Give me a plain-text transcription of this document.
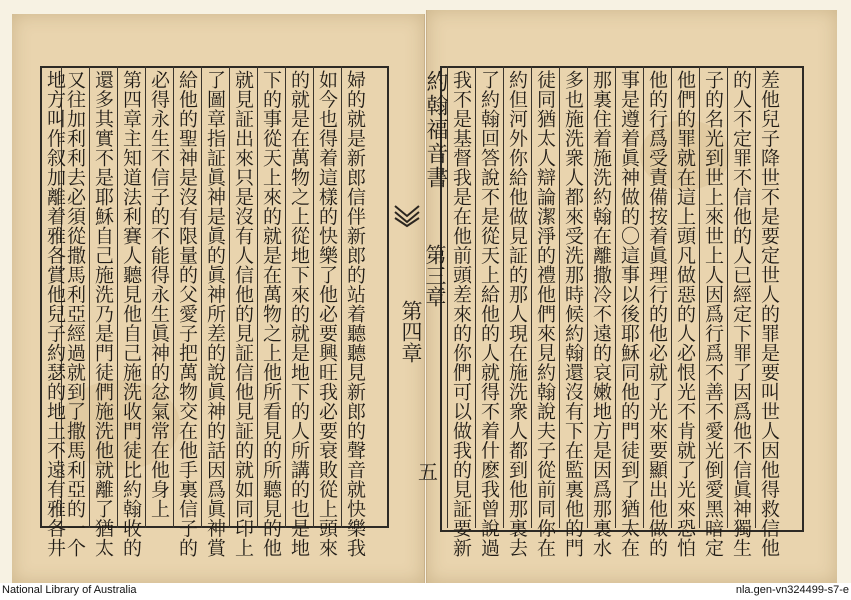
差他兒子降世不是要定世人的罪是要叫世人因他得救信他
的人不定罪不信他的人已經定下罪了因爲他不信眞神獨生
子的名光到世上來世上人因爲行爲不善不愛光倒愛黑暗定
他們的罪就在這上頭凡做惡的人必恨光不肯就了光來恐怕
他的行爲受責備按着眞理行的他必就了光來要顯出他做的
事是遵着眞神做的〇這事以後耶穌同他的門徒到了猶太在
那裏住着施洗約翰在離撒冷不遠的哀嫩地方是因爲那裏水
多也施洗衆人都來受洗那時候約翰還沒有下在監裏他的門
徒同猶太人辯論潔淨的禮他們來見約翰說夫子從前同你在
約但河外你給他做見証的那人現在施洗衆人都到他那裏去
了約翰回答說不是從天上給他的人就得不着什麽我曾說過
我不是基督我是在他前頭差來的你們可以做我的見証要新
婦的就是新郎信伴新郎的站着聽聽見新郎的聲音就快樂我
如今也得着這樣的快樂了他必要興旺我必要衰敗從上頭來
的就是在萬物之上從地下來的就是地下的人所講的也是地
下的事從天上來的就是在萬物之上他所看見的所聽見的他
就見証出來只是沒有人信他的見証信他見証的就如同印上
了圖章指証眞神是眞的眞神所差的說眞神的話因爲眞神賞
給他的聖神是沒有限量的父愛子把萬物交在他手裏信子的
必得永生不信子的不能得永生眞神的忿氣常在他身上
第四章主知道法利賽人聽見他自己施洗收門徒比約翰收的
還多其實不是耶穌自己施洗乃是門徒們施洗他就離了猶太
又往加利利去必須從撒馬利亞經過就到了撒馬利亞的一个
地方叫作叙加離着雅各賞他兒子約瑟的地土不遠有雅各井	約翰福音書
第三章
第四章
五
National Library of Australia	nla.gen-vn324499-s7-e
